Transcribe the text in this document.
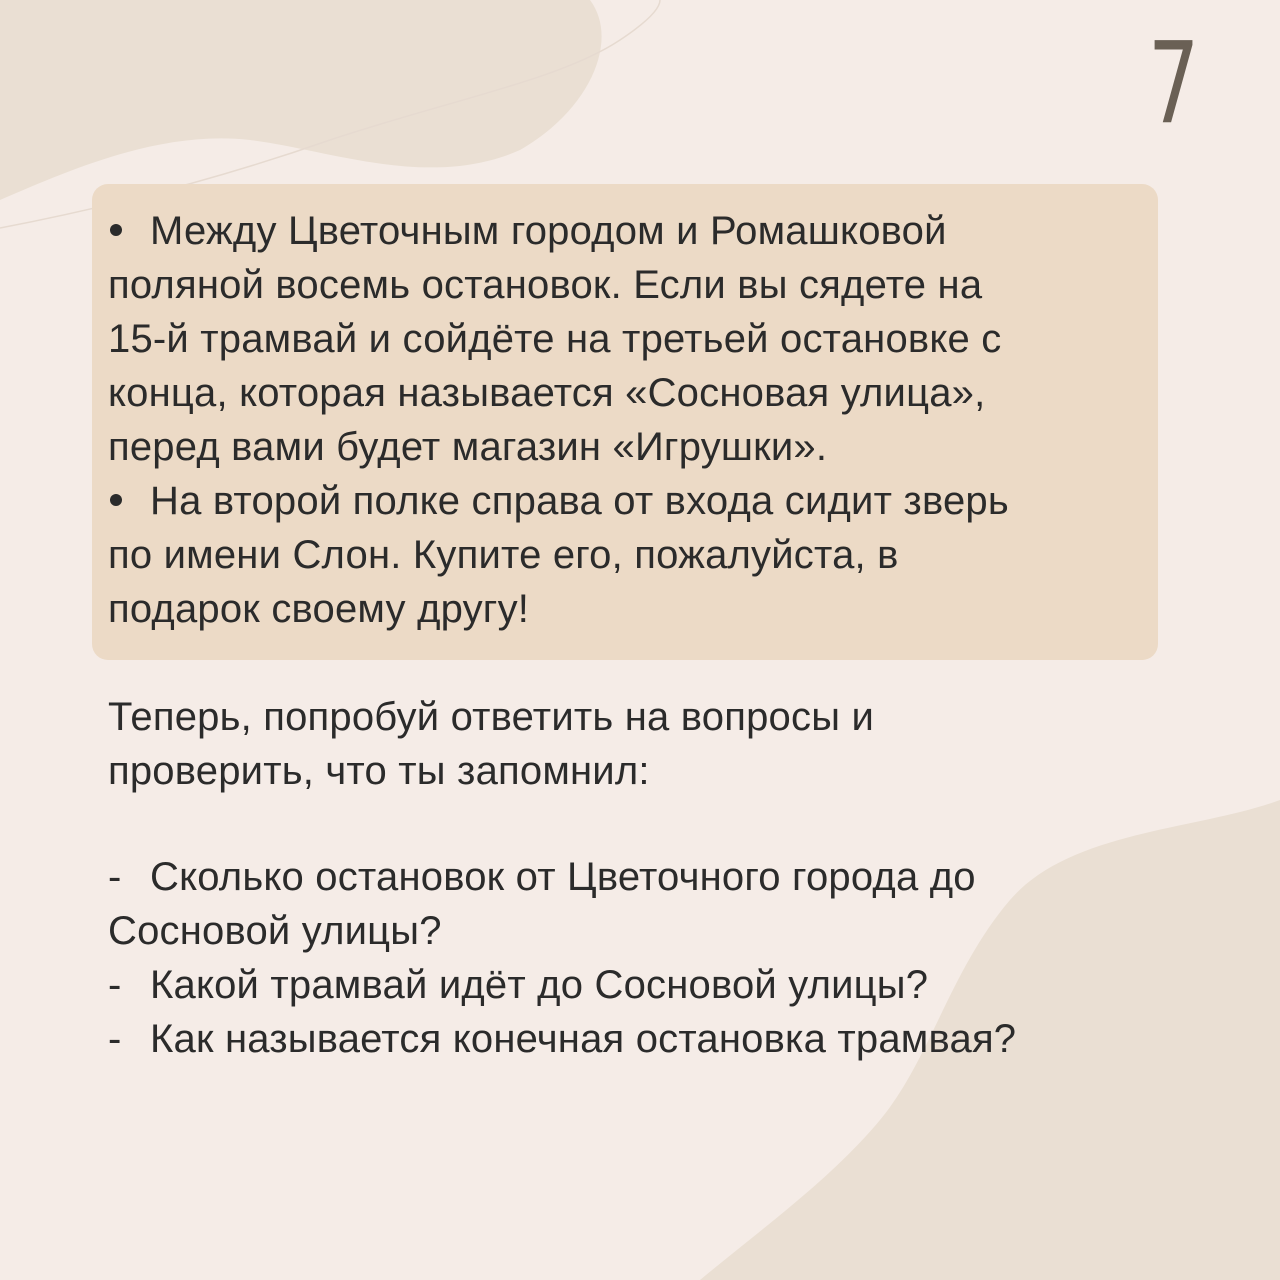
7
Между Цветочным городом и Ромашковой
поляной восемь остановок. Если вы сядете на
15-й трамвай и сойдёте на третьей остановке с
конца, которая называется «Сосновая улица»,
перед вами будет магазин «Игрушки».
На второй полке справа от входа сидит зверь
по имени Слон. Купите его, пожалуйста, в
подарок своему другу!
Теперь, попробуй ответить на вопросы и
проверить, что ты запомнил:
- Сколько остановок от Цветочного города до
Сосновой улицы?
- Какой трамвай идёт до Сосновой улицы?
- Как называется конечная остановка трамвая?
